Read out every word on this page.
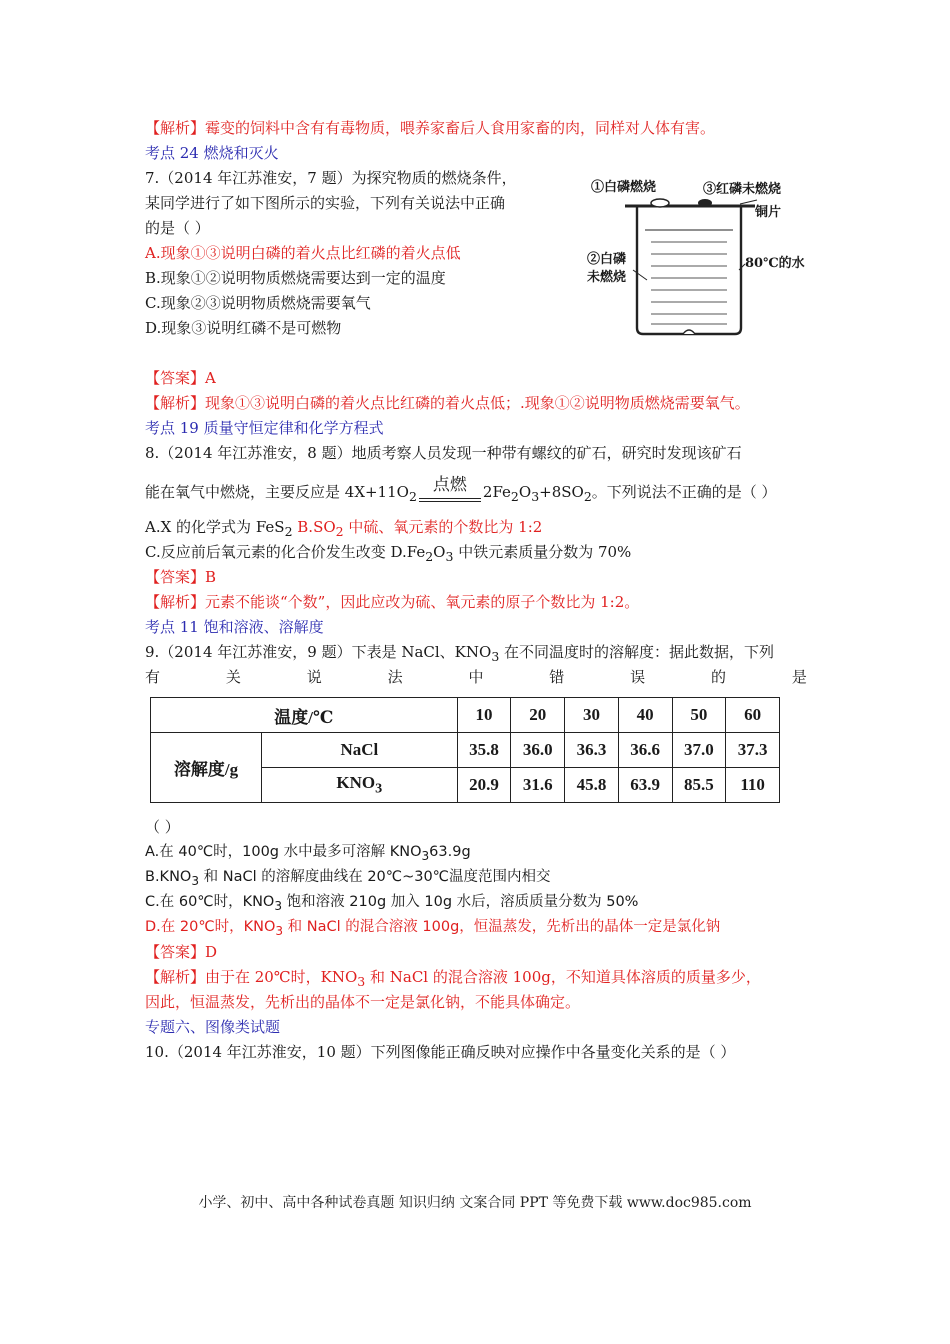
【解析】霉变的饲料中含有有毒物质，喂养家畜后人食用家畜的肉，同样对人体有害。
考点 24 燃烧和灭火
7.（2014 年江苏淮安，7 题）为探究物质的燃烧条件，
某同学进行了如下图所示的实验，下列有关说法中正确
的是（ ）
A.现象①③说明白磷的着火点比红磷的着火点低
B.现象①②说明物质燃烧需要达到一定的温度
C.现象②③说明物质燃烧需要氧气
D.现象③说明红磷不是可燃物
①白磷燃烧	③红磷未燃烧
铜片
②白磷
未燃烧
80℃的水
【答案】A
【解析】现象①③说明白磷的着火点比红磷的着火点低；.现象①②说明物质燃烧需要氧气。
考点 19 质量守恒定律和化学方程式
8.（2014 年江苏淮安，8 题）地质考察人员发现一种带有螺纹的矿石，研究时发现该矿石
能在氧气中燃烧，主要反应是 $4X+11O_2$
点燃	$2Fe_2O_3+8SO_2$。下列说法不正确的是（ ）
A.X 的化学式为 FeS$_2$ $B.SO_2$ 中硫、氧元素的个数比为 1:2
C.反应前后氧元素的化合价发生改变 $D.Fe_2O_3$ 中铁元素质量分数为 70%
【答案】B
【解析】元素不能谈“个数”，因此应改为硫、氧元素的原子个数比为 1:2。
考点 11 饱和溶液、溶解度
9.（2014 年江苏淮安，9 题）下表是 NaCl、$KNO_3$ 在不同温度时的溶解度：据此数据，下列
有	关	说	法	中	错	误	的	是
温度/℃		10	20	30	40	50	60
溶解度/g	NaCl	35.8	36.0	36.3	36.6	37.0	37.3
	$KNO_3$	20.9	31.6	45.8	63.9	85.5	110
（ ）
A.在 40℃时，100g 水中最多可溶解 $KNO_363.9g$
$B.KNO_3$ 和 NaCl 的溶解度曲线在 20℃~30℃温度范围内相交
C.在 60℃时，$KNO_3$ 饱和溶液 210g 加入 10g 水后，溶质质量分数为 50%
D.在 20℃时，$KNO_3$ 和 NaCl 的混合溶液 100g，恒温蒸发，先析出的晶体一定是氯化钠
【答案】D
【解析】由于在 20℃时，$KNO_3$ 和 NaCl 的混合溶液 100g，不知道具体溶质的质量多少，
因此，恒温蒸发，先析出的晶体不一定是氯化钠，不能具体确定。
专题六、图像类试题
10.（2014 年江苏淮安，10 题）下列图像能正确反映对应操作中各量变化关系的是（ ）
小学、初中、高中各种试卷真题 知识归纳 文案合同 PPT 等免费下载 www.doc985.com
